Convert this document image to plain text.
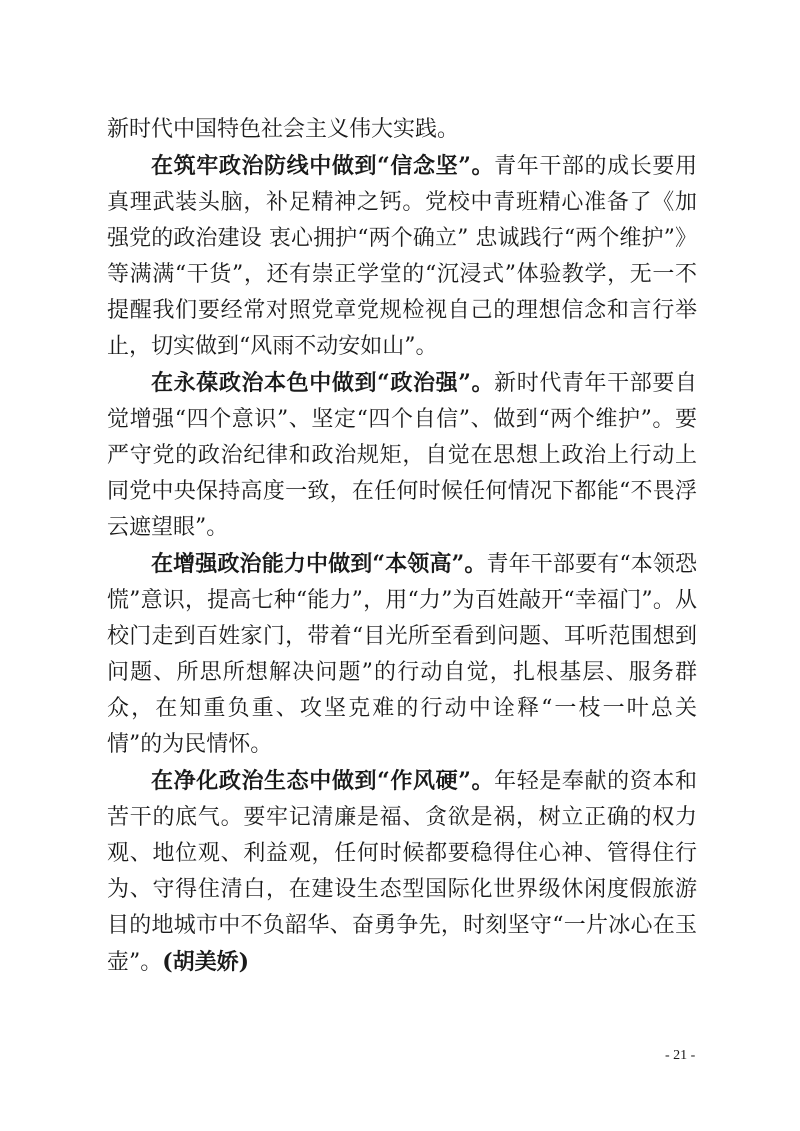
新时代中国特色社会主义伟大实践。

在筑牢政治防线中做到“信念坚”。青年干部的成长要用真理武装头脑，补足精神之钙。党校中青班精心准备了《加强党的政治建设 衷心拥护“两个确立” 忠诚践行“两个维护”》等满满“干货”，还有崇正学堂的“沉浸式”体验教学，无一不提醒我们要经常对照党章党规检视自己的理想信念和言行举止，切实做到“风雨不动安如山”。

在永葆政治本色中做到“政治强”。新时代青年干部要自觉增强“四个意识”、坚定“四个自信”、做到“两个维护”。要严守党的政治纪律和政治规矩，自觉在思想上政治上行动上同党中央保持高度一致，在任何时候任何情况下都能“不畏浮云遮望眼”。

在增强政治能力中做到“本领高”。青年干部要有“本领恐慌”意识，提高七种“能力”，用“力”为百姓敲开“幸福门”。从校门走到百姓家门，带着“目光所至看到问题、耳听范围想到问题、所思所想解决问题”的行动自觉，扎根基层、服务群众，在知重负重、攻坚克难的行动中诠释“一枝一叶总关情”的为民情怀。

在净化政治生态中做到“作风硬”。年轻是奉献的资本和苦干的底气。要牢记清廉是福、贪欲是祸，树立正确的权力观、地位观、利益观，任何时候都要稳得住心神、管得住行为、守得住清白，在建设生态型国际化世界级休闲度假旅游目的地城市中不负韶华、奋勇争先，时刻坚守“一片冰心在玉壶”。(胡美娇)

- 21 -
